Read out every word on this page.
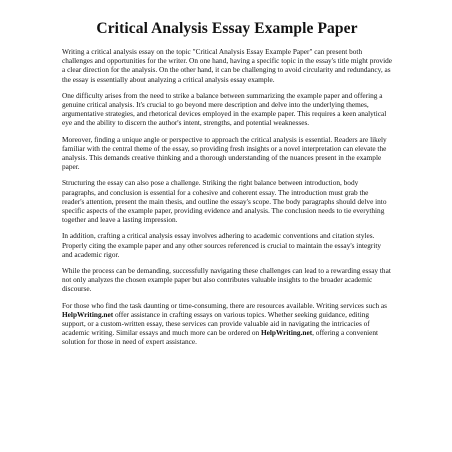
Critical Analysis Essay Example Paper

Writing a critical analysis essay on the topic "Critical Analysis Essay Example Paper" can present both challenges and opportunities for the writer. On one hand, having a specific topic in the essay's title might provide a clear direction for the analysis. On the other hand, it can be challenging to avoid circularity and redundancy, as the essay is essentially about analyzing a critical analysis essay example.

One difficulty arises from the need to strike a balance between summarizing the example paper and offering a genuine critical analysis. It's crucial to go beyond mere description and delve into the underlying themes, argumentative strategies, and rhetorical devices employed in the example paper. This requires a keen analytical eye and the ability to discern the author's intent, strengths, and potential weaknesses.

Moreover, finding a unique angle or perspective to approach the critical analysis is essential. Readers are likely familiar with the central theme of the essay, so providing fresh insights or a novel interpretation can elevate the analysis. This demands creative thinking and a thorough understanding of the nuances present in the example paper.

Structuring the essay can also pose a challenge. Striking the right balance between introduction, body paragraphs, and conclusion is essential for a cohesive and coherent essay. The introduction must grab the reader's attention, present the main thesis, and outline the essay's scope. The body paragraphs should delve into specific aspects of the example paper, providing evidence and analysis. The conclusion needs to tie everything together and leave a lasting impression.

In addition, crafting a critical analysis essay involves adhering to academic conventions and citation styles. Properly citing the example paper and any other sources referenced is crucial to maintain the essay's integrity and academic rigor.

While the process can be demanding, successfully navigating these challenges can lead to a rewarding essay that not only analyzes the chosen example paper but also contributes valuable insights to the broader academic discourse.

For those who find the task daunting or time-consuming, there are resources available. Writing services such as HelpWriting.net offer assistance in crafting essays on various topics. Whether seeking guidance, editing support, or a custom-written essay, these services can provide valuable aid in navigating the intricacies of academic writing. Similar essays and much more can be ordered on HelpWriting.net, offering a convenient solution for those in need of expert assistance.
